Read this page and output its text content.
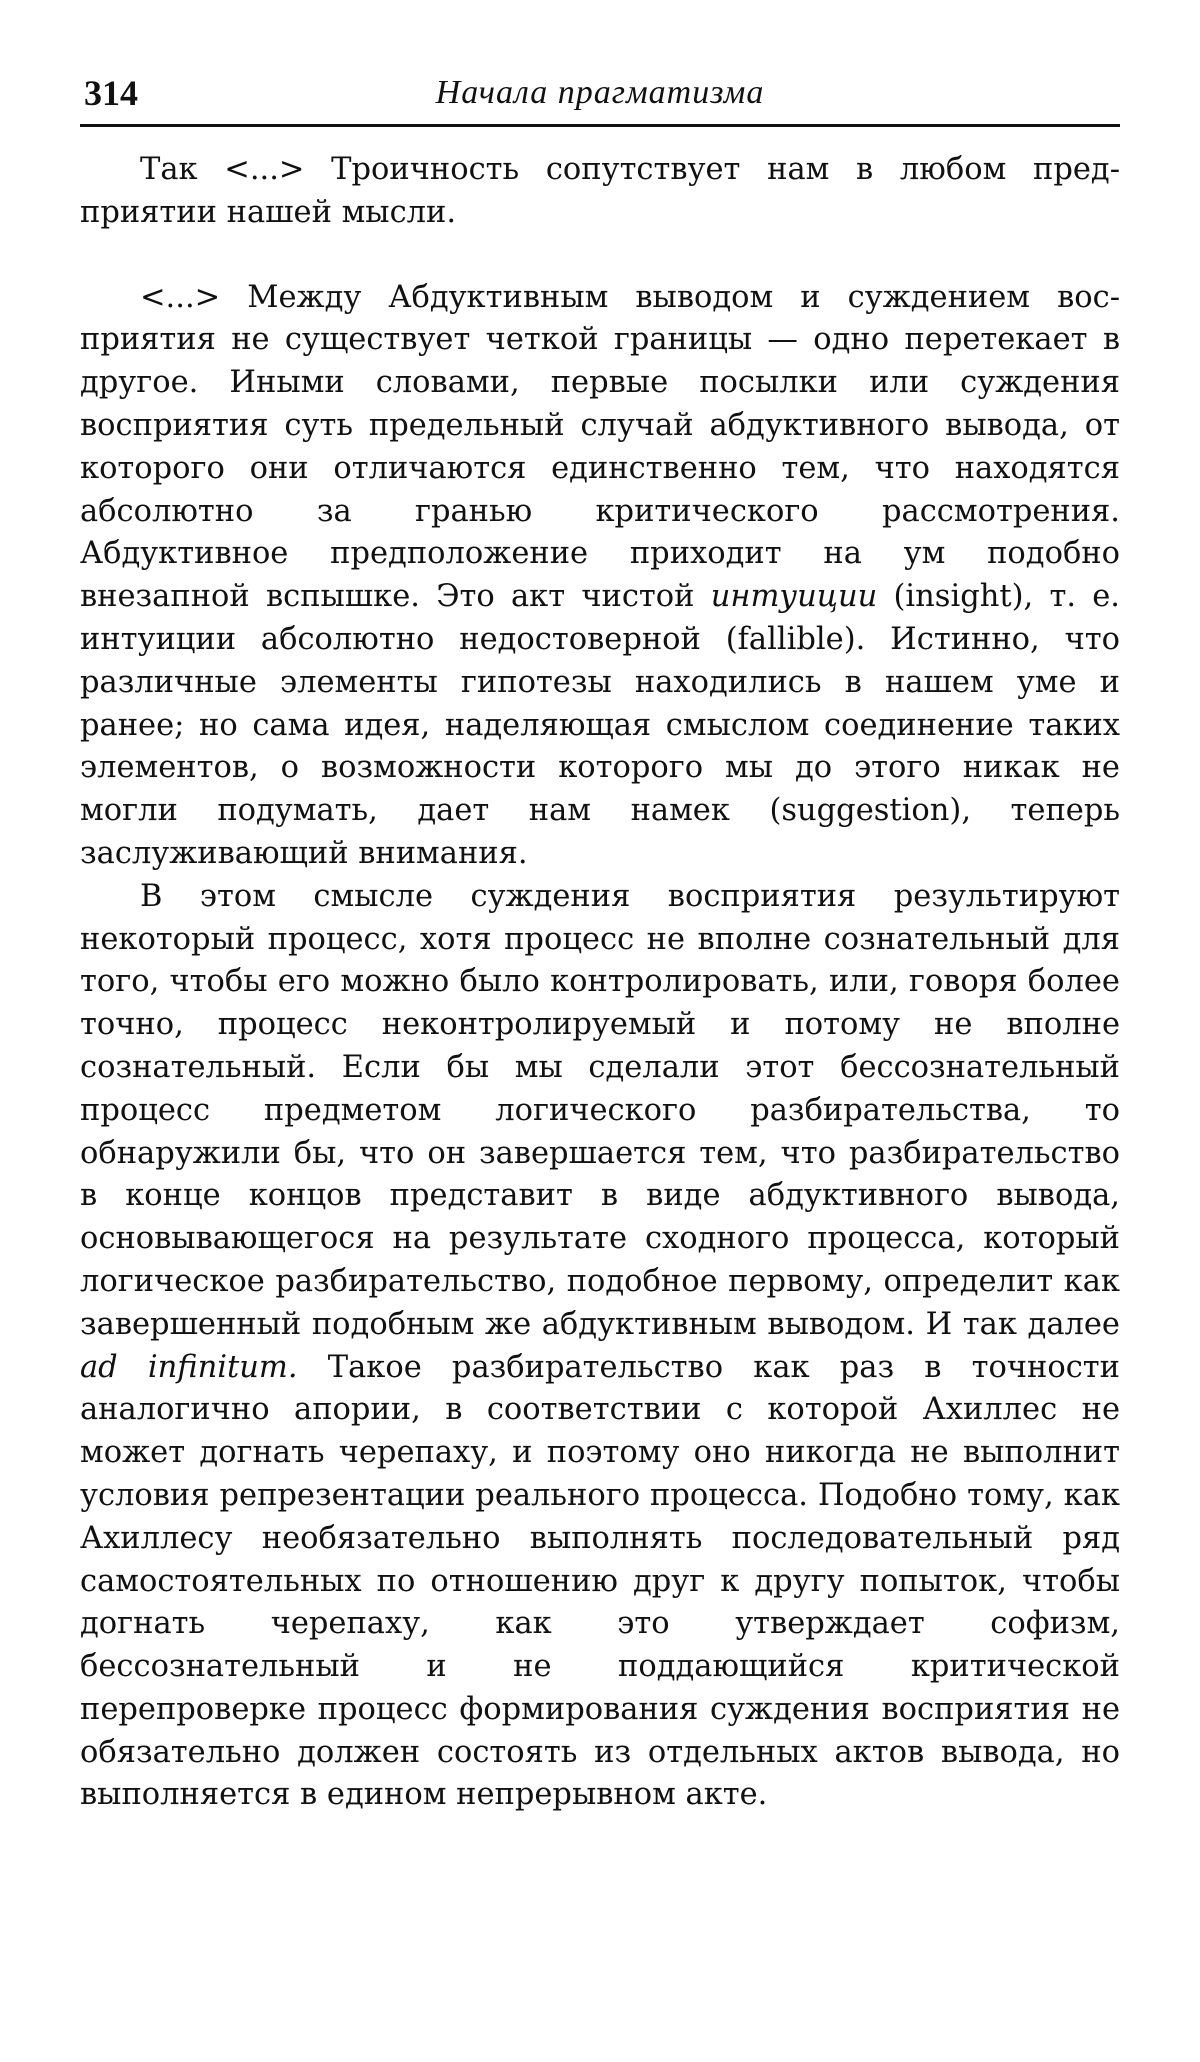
314	Начала прагматизма

Так <...> Троичность сопутствует нам в любом предприятии нашей мысли.

<...> Между Абдуктивным выводом и суждением восприятия не существует четкой границы — одно перетекает в другое. Иными словами, первые посылки или суждения восприятия суть предельный случай абдуктивного вывода, от которого они отличаются единственно тем, что находятся абсолютно за гранью критического рассмотрения. Абдуктивное предположение приходит на ум подобно внезапной вспышке. Это акт чистой интуиции (insight), т. е. интуиции абсолютно недостоверной (fallible). Истинно, что различные элементы гипотезы находились в нашем уме и ранее; но сама идея, наделяющая смыслом соединение таких элементов, о возможности которого мы до этого никак не могли подумать, дает нам намек (suggestion), теперь заслуживающий внимания.

В этом смысле суждения восприятия результируют некоторый процесс, хотя процесс не вполне сознательный для того, чтобы его можно было контролировать, или, говоря более точно, процесс неконтролируемый и потому не вполне сознательный. Если бы мы сделали этот бессознательный процесс предметом логического разбирательства, то обнаружили бы, что он завершается тем, что разбирательство в конце концов представит в виде абдуктивного вывода, основывающегося на результате сходного процесса, который логическое разбирательство, подобное первому, определит как завершенный подобным же абдуктивным выводом. И так далее ad infinitum. Такое разбирательство как раз в точности аналогично апории, в соответствии с которой Ахиллес не может догнать черепаху, и поэтому оно никогда не выполнит условия репрезентации реального процесса. Подобно тому, как Ахиллесу необязательно выполнять последовательный ряд самостоятельных по отношению друг к другу попыток, чтобы догнать черепаху, как это утверждает софизм, бессознательный и не поддающийся критической перепроверке процесс формирования суждения восприятия не обязательно должен состоять из отдельных актов вывода, но выполняется в едином непрерывном акте.
